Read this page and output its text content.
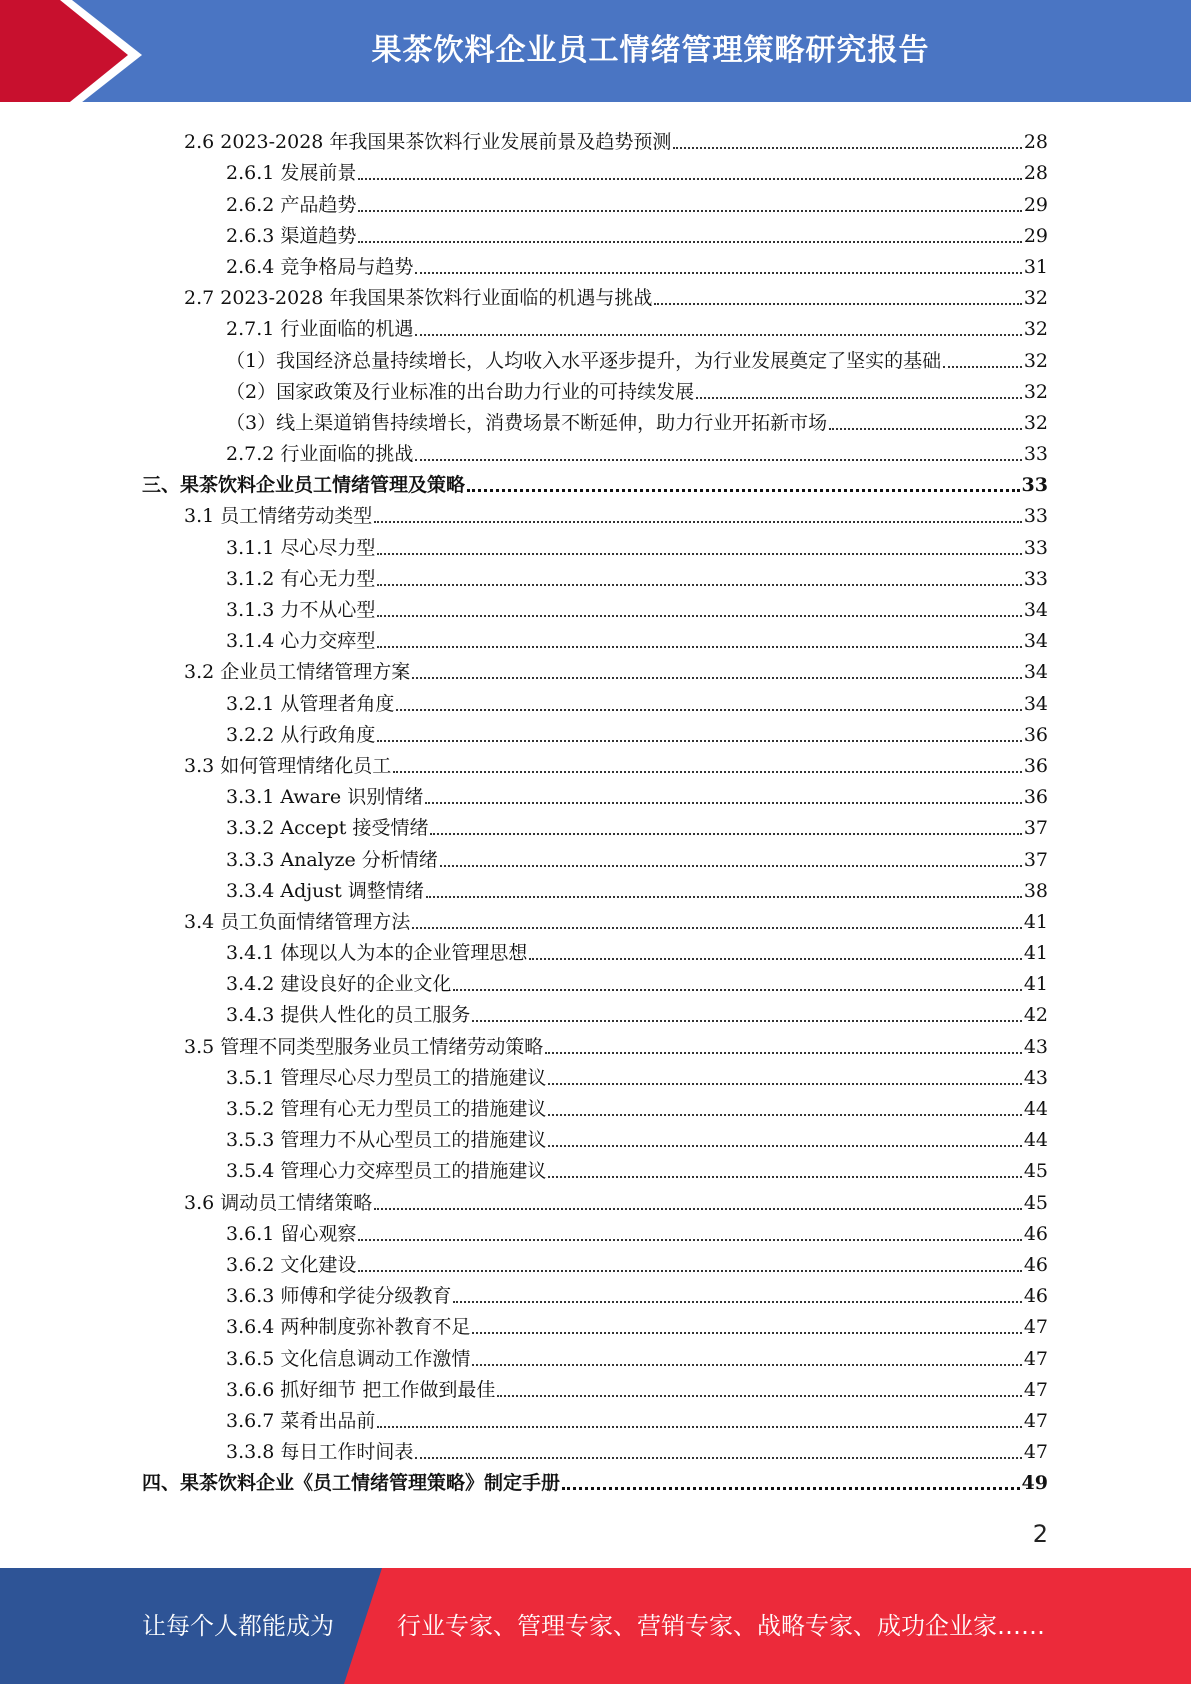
果茶饮料企业员工情绪管理策略研究报告
2.6 2023-2028 年我国果茶饮料行业发展前景及趋势预测	28
2.6.1 发展前景	28
2.6.2 产品趋势	29
2.6.3 渠道趋势	29
2.6.4 竞争格局与趋势	31
2.7 2023-2028 年我国果茶饮料行业面临的机遇与挑战	32
2.7.1 行业面临的机遇	32
（1）我国经济总量持续增长，人均收入水平逐步提升，为行业发展奠定了坚实的基础	32
（2）国家政策及行业标准的出台助力行业的可持续发展	32
（3）线上渠道销售持续增长，消费场景不断延伸，助力行业开拓新市场	32
2.7.2 行业面临的挑战	33
三、果茶饮料企业员工情绪管理及策略	33
3.1 员工情绪劳动类型	33
3.1.1 尽心尽力型	33
3.1.2 有心无力型	33
3.1.3 力不从心型	34
3.1.4 心力交瘁型	34
3.2 企业员工情绪管理方案	34
3.2.1 从管理者角度	34
3.2.2 从行政角度	36
3.3 如何管理情绪化员工	36
3.3.1 Aware 识别情绪	36
3.3.2 Accept 接受情绪	37
3.3.3 Analyze 分析情绪	37
3.3.4 Adjust 调整情绪	38
3.4 员工负面情绪管理方法	41
3.4.1 体现以人为本的企业管理思想	41
3.4.2 建设良好的企业文化	41
3.4.3 提供人性化的员工服务	42
3.5 管理不同类型服务业员工情绪劳动策略	43
3.5.1 管理尽心尽力型员工的措施建议	43
3.5.2 管理有心无力型员工的措施建议	44
3.5.3 管理力不从心型员工的措施建议	44
3.5.4 管理心力交瘁型员工的措施建议	45
3.6 调动员工情绪策略	45
3.6.1 留心观察	46
3.6.2 文化建设	46
3.6.3 师傅和学徒分级教育	46
3.6.4 两种制度弥补教育不足	47
3.6.5 文化信息调动工作激情	47
3.6.6 抓好细节 把工作做到最佳	47
3.6.7 菜肴出品前	47
3.3.8 每日工作时间表	47
四、果茶饮料企业《员工情绪管理策略》制定手册	49
2
让每个人都能成为	行业专家、管理专家、营销专家、战略专家、成功企业家……
